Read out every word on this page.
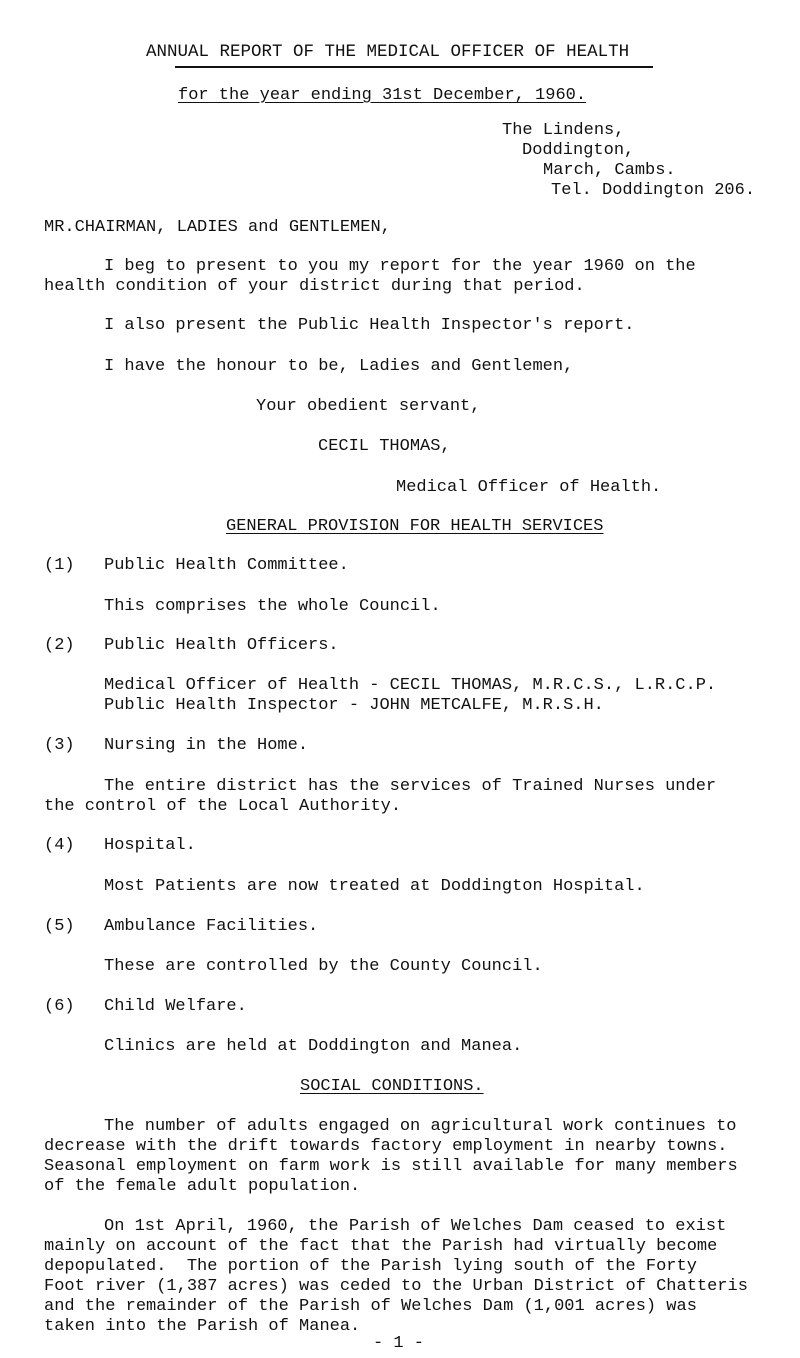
ANNUAL REPORT OF THE MEDICAL OFFICER OF HEALTH
for the year ending 31st December, 1960.
The Lindens,
Doddington,
March, Cambs.
Tel. Doddington 206.
MR.CHAIRMAN, LADIES and GENTLEMEN,
I beg to present to you my report for the year 1960 on the
health condition of your district during that period.
I also present the Public Health Inspector's report.
I have the honour to be, Ladies and Gentlemen,
Your obedient servant,
CECIL THOMAS,
Medical Officer of Health.
GENERAL PROVISION FOR HEALTH SERVICES
(1) Public Health Committee.
This comprises the whole Council.
(2) Public Health Officers.
Medical Officer of Health - CECIL THOMAS, M.R.C.S., L.R.C.P.
Public Health Inspector - JOHN METCALFE, M.R.S.H.
(3) Nursing in the Home.
The entire district has the services of Trained Nurses under
the control of the Local Authority.
(4) Hospital.
Most Patients are now treated at Doddington Hospital.
(5) Ambulance Facilities.
These are controlled by the County Council.
(6) Child Welfare.
Clinics are held at Doddington and Manea.
SOCIAL CONDITIONS.
The number of adults engaged on agricultural work continues to
decrease with the drift towards factory employment in nearby towns.
Seasonal employment on farm work is still available for many members
of the female adult population.
On 1st April, 1960, the Parish of Welches Dam ceased to exist
mainly on account of the fact that the Parish had virtually become
depopulated.  The portion of the Parish lying south of the Forty
Foot river (1,387 acres) was ceded to the Urban District of Chatteris
and the remainder of the Parish of Welches Dam (1,001 acres) was
taken into the Parish of Manea.
- 1 -
